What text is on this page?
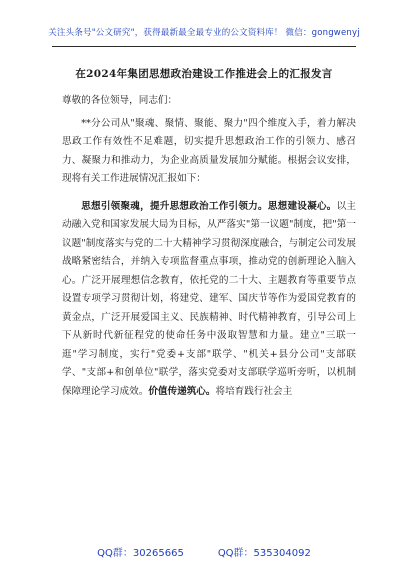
关注头条号"公文研究"，获得最新最全最专业的公文资料库！ 微信：gongwenyj
在2024年集团思想政治建设工作推进会上的汇报发言

尊敬的各位领导，同志们：

**分公司从"聚魂、聚情、聚能、聚力"四个维度入手，着力解决思政工作有效性不足难题，切实提升思想政治工作的引领力、感召力、凝聚力和推动力，为企业高质量发展加分赋能。根据会议安排，现将有关工作进展情况汇报如下：

思想引领聚魂，提升思想政治工作引领力。思想建设凝心。以主动融入党和国家发展大局为目标，从严落实"第一议题"制度，把"第一议题"制度落实与党的二十大精神学习贯彻深度融合，与制定公司发展战略紧密结合，并纳入专项监督重点事项，推动党的创新理论入脑入心。广泛开展理想信念教育，依托党的二十大、主题教育等重要节点设置专项学习贯彻计划，将建党、建军、国庆节等作为爱国党教育的黄金点，广泛开展爱国主义、民族精神、时代精神教育，引导公司上下从新时代新征程党的使命任务中汲取智慧和力量。建立"三联一逛"学习制度，实行"党委+支部"联学、"机关+县分公司"支部联学、"支部+和创单位"联学，落实党委对支部联学巡听旁听，以机制保障理论学习成效。价值传递筑心。将培育践行社会主

QQ群：30265665	QQ群：535304092
